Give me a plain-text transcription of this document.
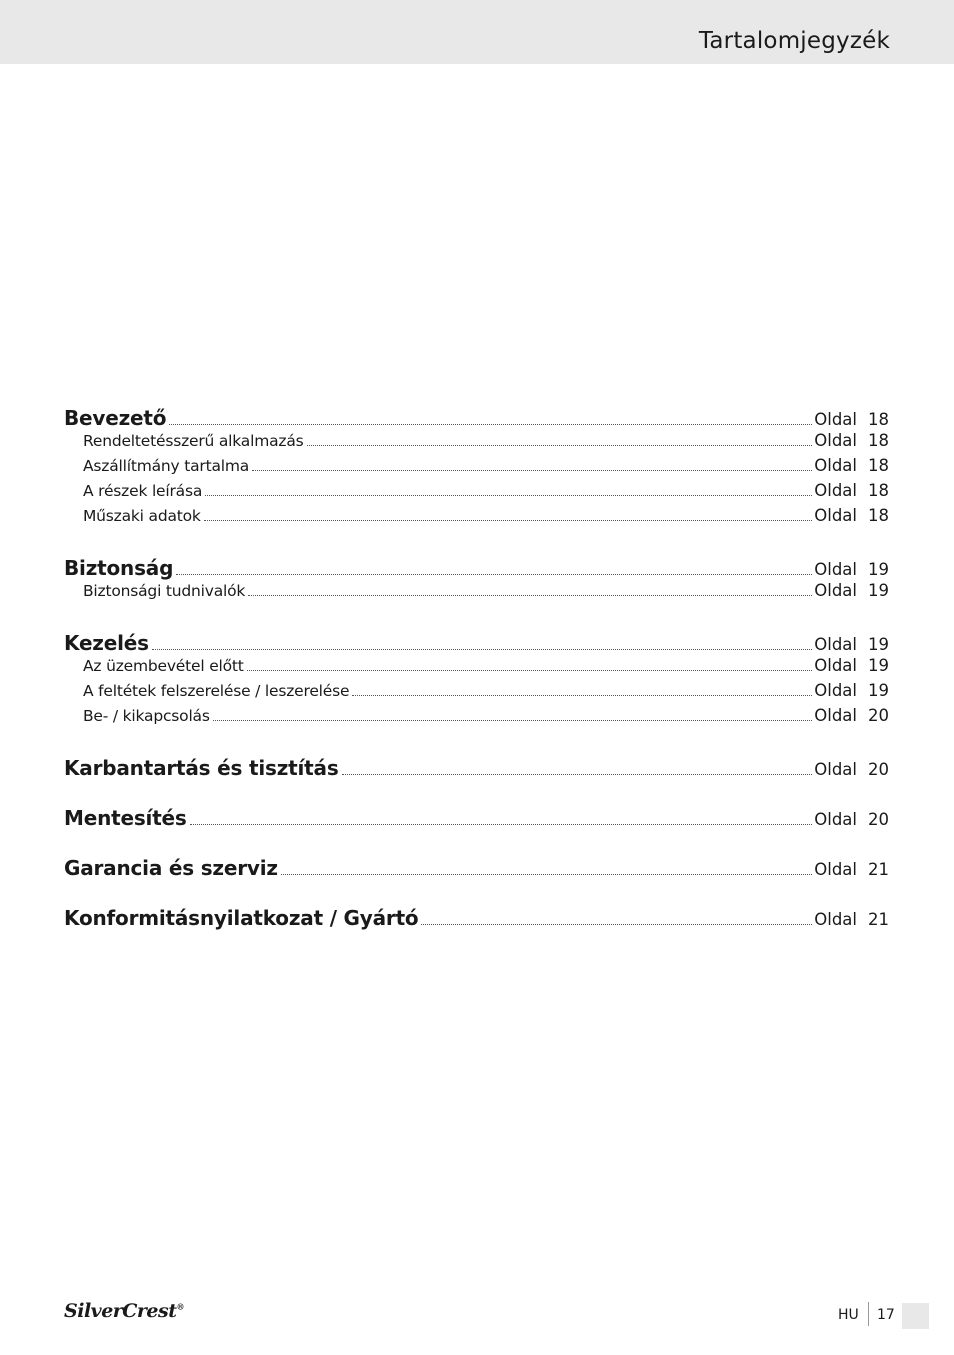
Tartalomjegyzék
Bevezető	Oldal 18
Rendeltetésszerű alkalmazás	Oldal 18
Aszállítmány tartalma	Oldal 18
A részek leírása	Oldal 18
Műszaki adatok	Oldal 18
Biztonság	Oldal 19
Biztonsági tudnivalók	Oldal 19
Kezelés	Oldal 19
Az üzembevétel előtt	Oldal 19
A feltétek felszerelése / leszerelése	Oldal 19
Be- / kikapcsolás	Oldal 20
Karbantartás és tisztítás	Oldal 20
Mentesítés	Oldal 20
Garancia és szerviz	Oldal 21
Konformitásnyilatkozat / Gyártó	Oldal 21
SilverCrest®
HU 17
